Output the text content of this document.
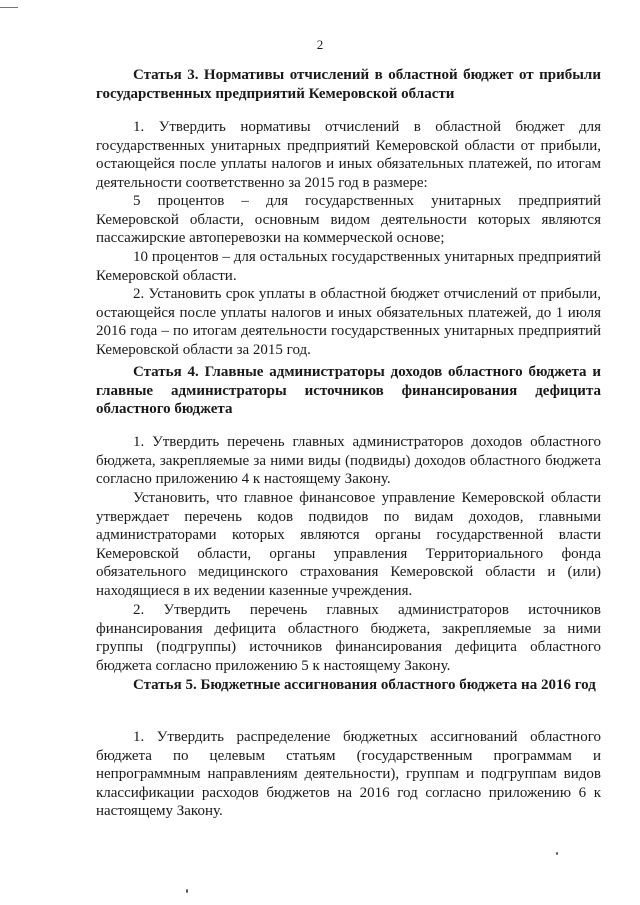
2

Статья 3. Нормативы отчислений в областной бюджет от прибыли государственных предприятий Кемеровской области

1. Утвердить нормативы отчислений в областной бюджет для государственных унитарных предприятий Кемеровской области от прибыли, остающейся после уплаты налогов и иных обязательных платежей, по итогам деятельности соответственно за 2015 год в размере:

5 процентов – для государственных унитарных предприятий Кемеровской области, основным видом деятельности которых являются пассажирские автоперевозки на коммерческой основе;

10 процентов – для остальных государственных унитарных предприятий Кемеровской области.

2. Установить срок уплаты в областной бюджет отчислений от прибыли, остающейся после уплаты налогов и иных обязательных платежей, до 1 июля 2016 года – по итогам деятельности государственных унитарных предприятий Кемеровской области за 2015 год.

Статья 4. Главные администраторы доходов областного бюджета и главные администраторы источников финансирования дефицита областного бюджета

1. Утвердить перечень главных администраторов доходов областного бюджета, закрепляемые за ними виды (подвиды) доходов областного бюджета согласно приложению 4 к настоящему Закону.

Установить, что главное финансовое управление Кемеровской области утверждает перечень кодов подвидов по видам доходов, главными администраторами которых являются органы государственной власти Кемеровской области, органы управления Территориального фонда обязательного медицинского страхования Кемеровской области и (или) находящиеся в их ведении казенные учреждения.

2. Утвердить перечень главных администраторов источников финансирования дефицита областного бюджета, закрепляемые за ними группы (подгруппы) источников финансирования дефицита областного бюджета согласно приложению 5 к настоящему Закону.

Статья 5. Бюджетные ассигнования областного бюджета на 2016 год

1. Утвердить распределение бюджетных ассигнований областного бюджета по целевым статьям (государственным программам и непрограммным направлениям деятельности), группам и подгруппам видов классификации расходов бюджетов на 2016 год согласно приложению 6 к настоящему Закону.
